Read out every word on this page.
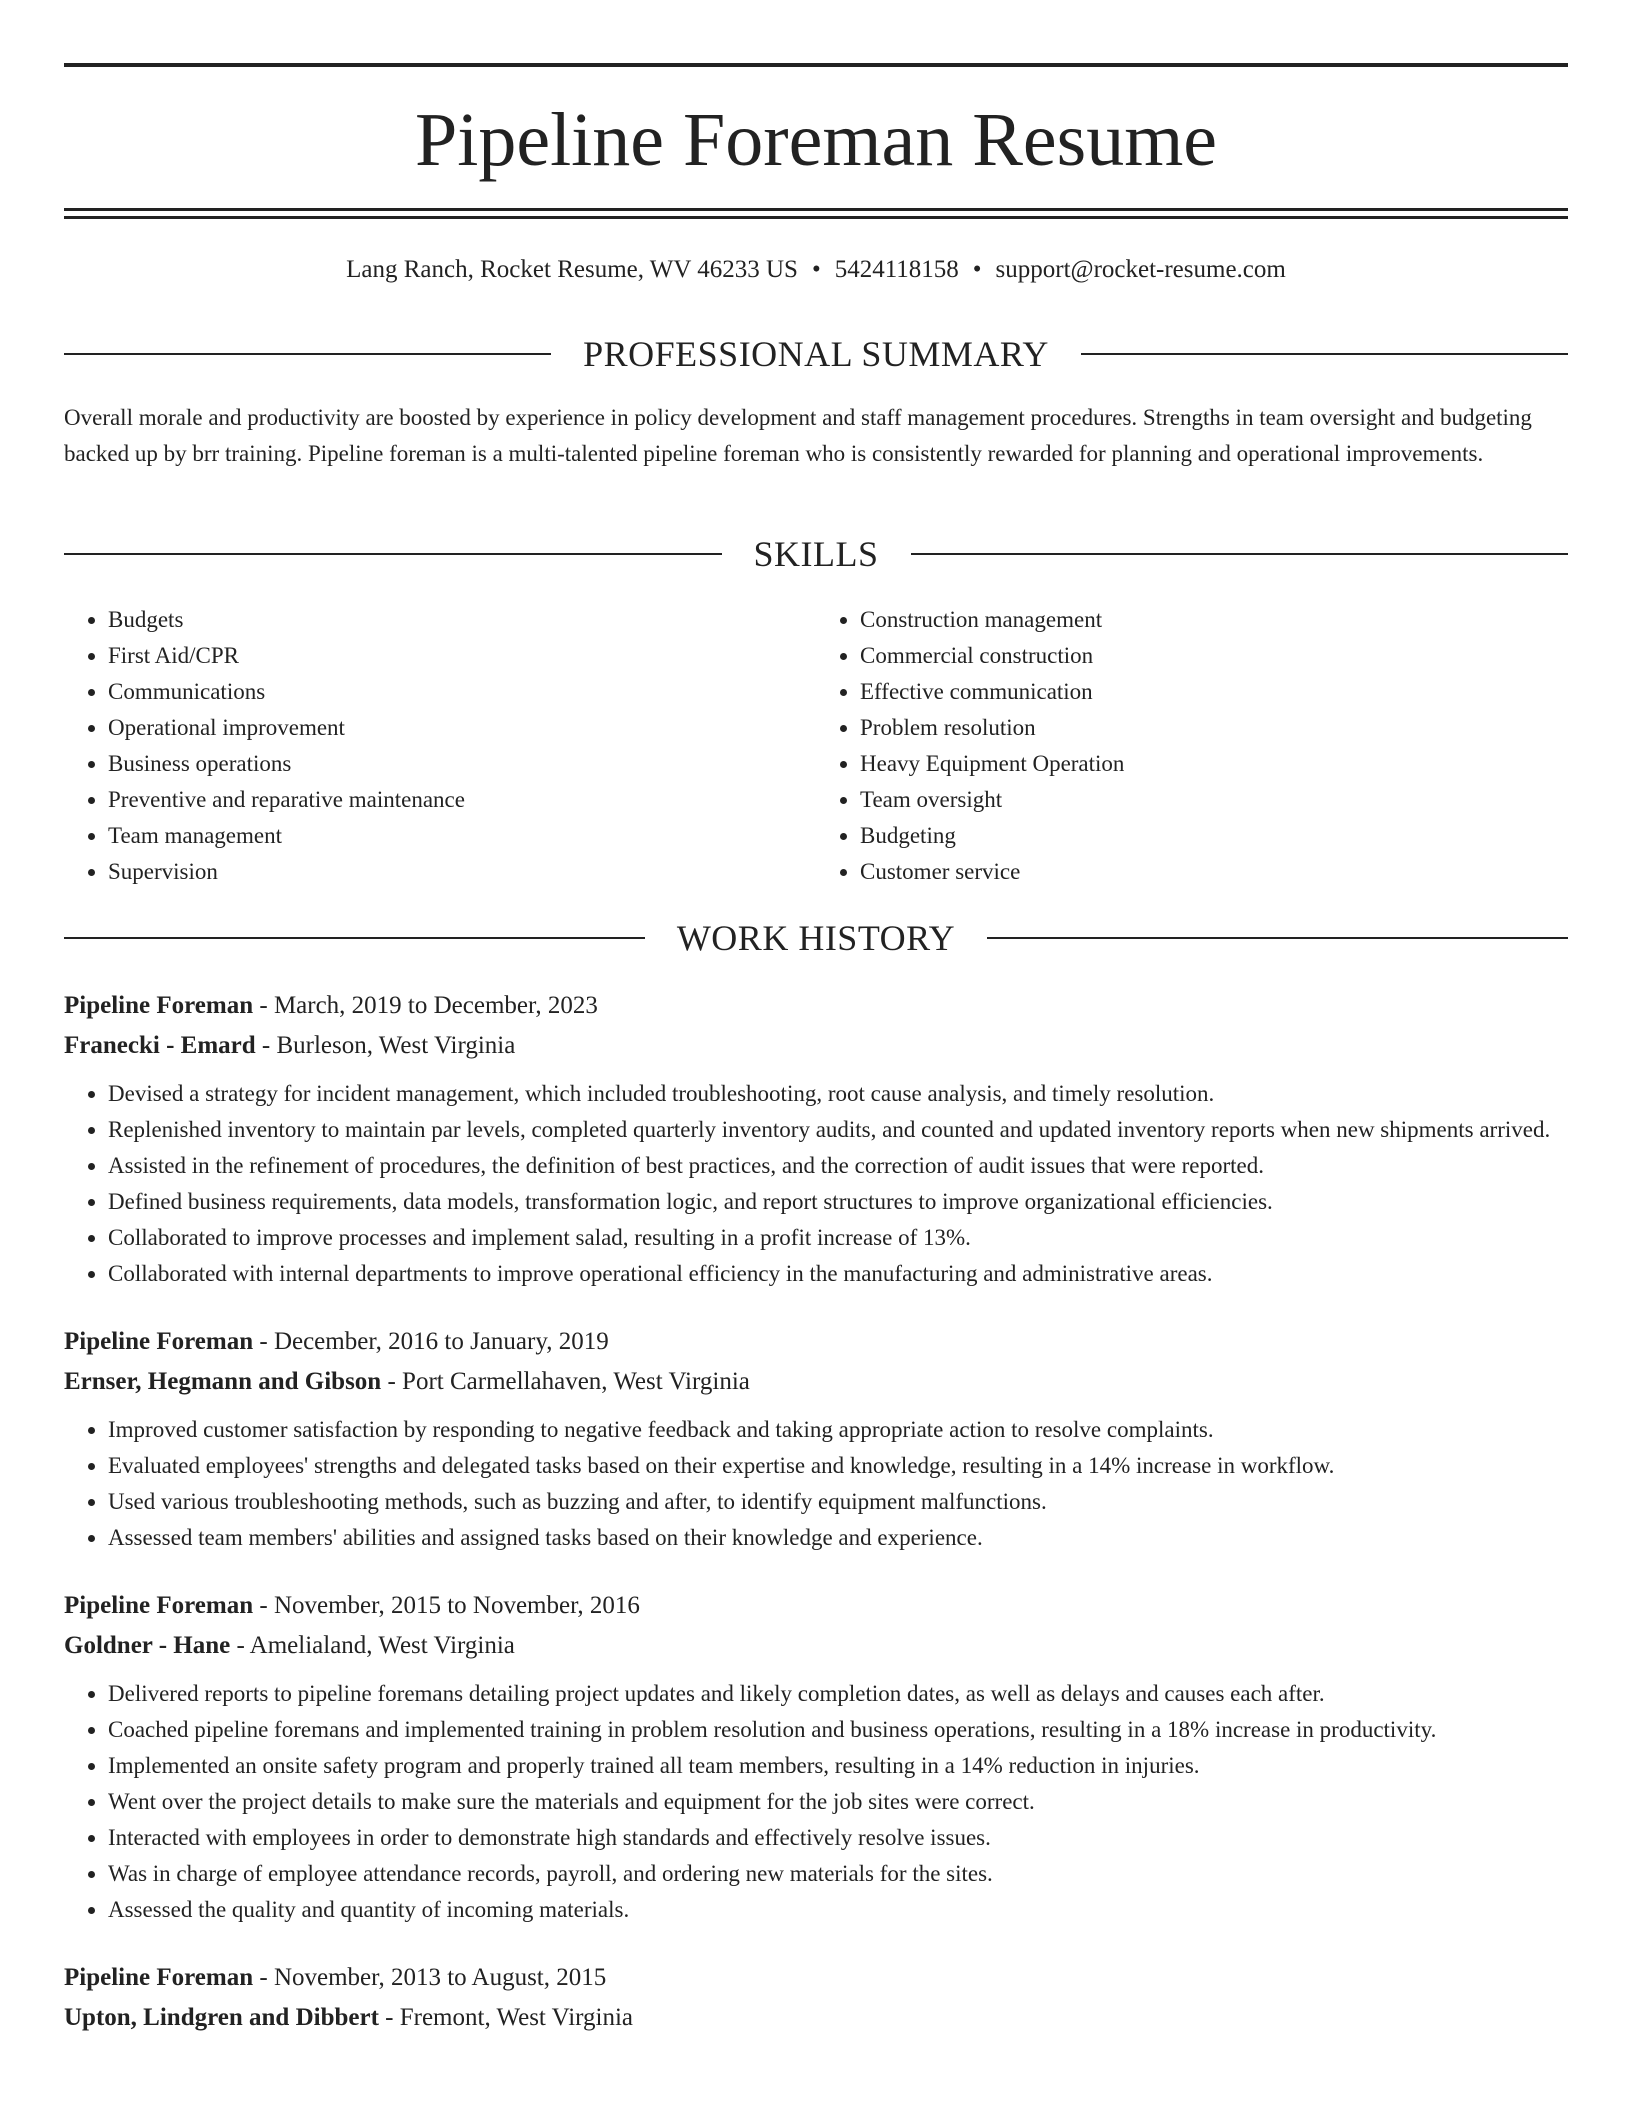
Pipeline Foreman Resume
Lang Ranch, Rocket Resume, WV 46233 US • 5424118158 • support@rocket-resume.com
PROFESSIONAL SUMMARY

Overall morale and productivity are boosted by experience in policy development and staff management procedures. Strengths in team oversight and budgeting backed up by brr training. Pipeline foreman is a multi-talented pipeline foreman who is consistently rewarded for planning and operational improvements.

SKILLS
• Budgets
• First Aid/CPR
• Communications
• Operational improvement
• Business operations
• Preventive and reparative maintenance
• Team management
• Supervision
• Construction management
• Commercial construction
• Effective communication
• Problem resolution
• Heavy Equipment Operation
• Team oversight
• Budgeting
• Customer service
WORK HISTORY
Pipeline Foreman - March, 2019 to December, 2023
Franecki - Emard - Burleson, West Virginia
• Devised a strategy for incident management, which included troubleshooting, root cause analysis, and timely resolution.
• Replenished inventory to maintain par levels, completed quarterly inventory audits, and counted and updated inventory reports when new shipments arrived.
• Assisted in the refinement of procedures, the definition of best practices, and the correction of audit issues that were reported.
• Defined business requirements, data models, transformation logic, and report structures to improve organizational efficiencies.
• Collaborated to improve processes and implement salad, resulting in a profit increase of 13%.
• Collaborated with internal departments to improve operational efficiency in the manufacturing and administrative areas.
Pipeline Foreman - December, 2016 to January, 2019
Ernser, Hegmann and Gibson - Port Carmellahaven, West Virginia
• Improved customer satisfaction by responding to negative feedback and taking appropriate action to resolve complaints.
• Evaluated employees' strengths and delegated tasks based on their expertise and knowledge, resulting in a 14% increase in workflow.
• Used various troubleshooting methods, such as buzzing and after, to identify equipment malfunctions.
• Assessed team members' abilities and assigned tasks based on their knowledge and experience.
Pipeline Foreman - November, 2015 to November, 2016
Goldner - Hane - Amelialand, West Virginia
• Delivered reports to pipeline foremans detailing project updates and likely completion dates, as well as delays and causes each after.
• Coached pipeline foremans and implemented training in problem resolution and business operations, resulting in a 18% increase in productivity.
• Implemented an onsite safety program and properly trained all team members, resulting in a 14% reduction in injuries.
• Went over the project details to make sure the materials and equipment for the job sites were correct.
• Interacted with employees in order to demonstrate high standards and effectively resolve issues.
• Was in charge of employee attendance records, payroll, and ordering new materials for the sites.
• Assessed the quality and quantity of incoming materials.
Pipeline Foreman - November, 2013 to August, 2015
Upton, Lindgren and Dibbert - Fremont, West Virginia
